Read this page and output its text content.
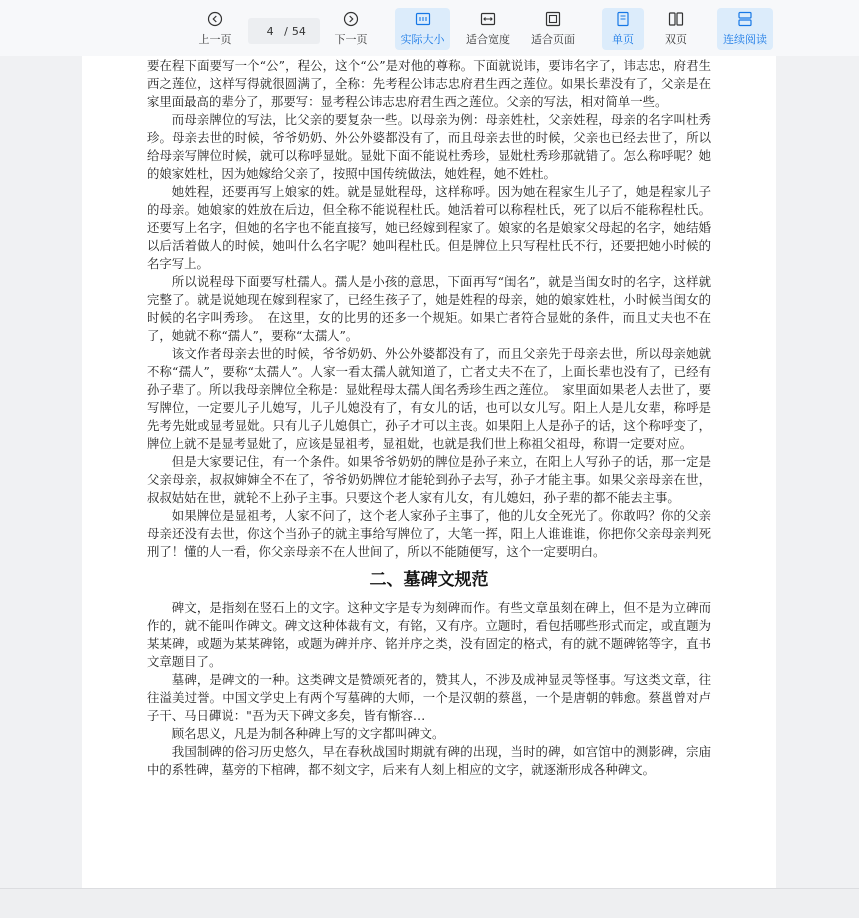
上一页
4
/ 54
下一页	实际大小 适合宽度 适合页面	单页	双页	连续阅读

要在程下面要写一个“公”，程公，这个“公”是对他的尊称。下面就说讳，要讳名字了，讳志忠，府君生西之莲位，这样写得就很圆满了，全称：先考程公讳志忠府君生西之莲位。如果长辈没有了，父亲是在家里面最高的辈分了，那要写：显考程公讳志忠府君生西之莲位。父亲的写法，相对简单一些。

而母亲牌位的写法，比父亲的要复杂一些。以母亲为例：母亲姓杜，父亲姓程，母亲的名字叫杜秀珍。母亲去世的时候，爷爷奶奶、外公外婆都没有了，而且母亲去世的时候，父亲也已经去世了，所以给母亲写牌位时候，就可以称呼显妣。显妣下面不能说杜秀珍，显妣杜秀珍那就错了。怎么称呼呢？她的娘家姓杜，因为她嫁给父亲了，按照中国传统做法，她姓程，她不姓杜。

她姓程，还要再写上娘家的姓。就是显妣程母，这样称呼。因为她在程家生儿子了，她是程家儿子的母亲。她娘家的姓放在后边，但全称不能说程杜氏。她活着可以称程杜氏，死了以后不能称程杜氏。还要写上名字，但她的名字也不能直接写，她已经嫁到程家了。娘家的名是娘家父母起的名字，她结婚以后活着做人的时候，她叫什么名字呢？她叫程杜氏。但是牌位上只写程杜氏不行，还要把她小时候的名字写上。

所以说程母下面要写杜孺人。孺人是小孩的意思，下面再写“闺名”，就是当闺女时的名字，这样就完整了。就是说她现在嫁到程家了，已经生孩子了，她是姓程的母亲，她的娘家姓杜，小时候当闺女的时候的名字叫秀珍。　在这里，女的比男的还多一个规矩。如果亡者符合显妣的条件，而且丈夫也不在了，她就不称“孺人”，要称“太孺人”。

该文作者母亲去世的时候，爷爷奶奶、外公外婆都没有了，而且父亲先于母亲去世，所以母亲她就不称“孺人”，要称“太孺人”。人家一看太孺人就知道了，亡者丈夫不在了，上面长辈也没有了，已经有孙子辈了。所以我母亲牌位全称是：显妣程母太孺人闺名秀珍生西之莲位。　家里面如果老人去世了，要写牌位，一定要儿子儿媳写，儿子儿媳没有了，有女儿的话，也可以女儿写。阳上人是儿女辈，称呼是先考先妣或显考显妣。只有儿子儿媳俱亡，孙子才可以主丧。如果阳上人是孙子的话，这个称呼变了，牌位上就不是显考显妣了，应该是显祖考，显祖妣，也就是我们世上称祖父祖母，称谓一定要对应。

但是大家要记住，有一个条件。如果爷爷奶奶的牌位是孙子来立，在阳上人写孙子的话，那一定是父亲母亲，叔叔婶婶全不在了，爷爷奶奶牌位才能轮到孙子去写，孙子才能主事。如果父亲母亲在世，叔叔姑姑在世，就轮不上孙子主事。只要这个老人家有儿女，有儿媳妇，孙子辈的都不能去主事。

如果牌位是显祖考，人家不问了，这个老人家孙子主事了，他的儿女全死光了。你敢吗？你的父亲母亲还没有去世，你这个当孙子的就主事给写牌位了，大笔一挥，阳上人谁谁谁，你把你父亲母亲判死刑了！懂的人一看，你父亲母亲不在人世间了，所以不能随便写，这个一定要明白。

二、墓碑文规范

碑文，是指刻在竖石上的文字。这种文字是专为刻碑而作。有些文章虽刻在碑上，但不是为立碑而作的，就不能叫作碑文。碑文这种体裁有文，有铭，又有序。立题时，看包括哪些形式而定，或直题为某某碑，或题为某某碑铭，或题为碑并序、铭并序之类，没有固定的格式，有的就不题碑铭等字，直书文章题目了。

墓碑，是碑文的一种。这类碑文是赞颂死者的，赞其人，不涉及成神显灵等怪事。写这类文章，往往溢美过誉。中国文学史上有两个写墓碑的大师，一个是汉朝的蔡邕，一个是唐朝的韩愈。蔡邕曾对卢子干、马日磾说："吾为天下碑文多矣，皆有惭容…

顾名思义，凡是为制各种碑上写的文字都叫碑文。

我国制碑的俗习历史悠久，早在春秋战国时期就有碑的出现，当时的碑，如宫馆中的测影碑，宗庙中的系牲碑，墓旁的下棺碑，都不刻文字，后来有人刻上相应的文字，就逐渐形成各种碑文。
